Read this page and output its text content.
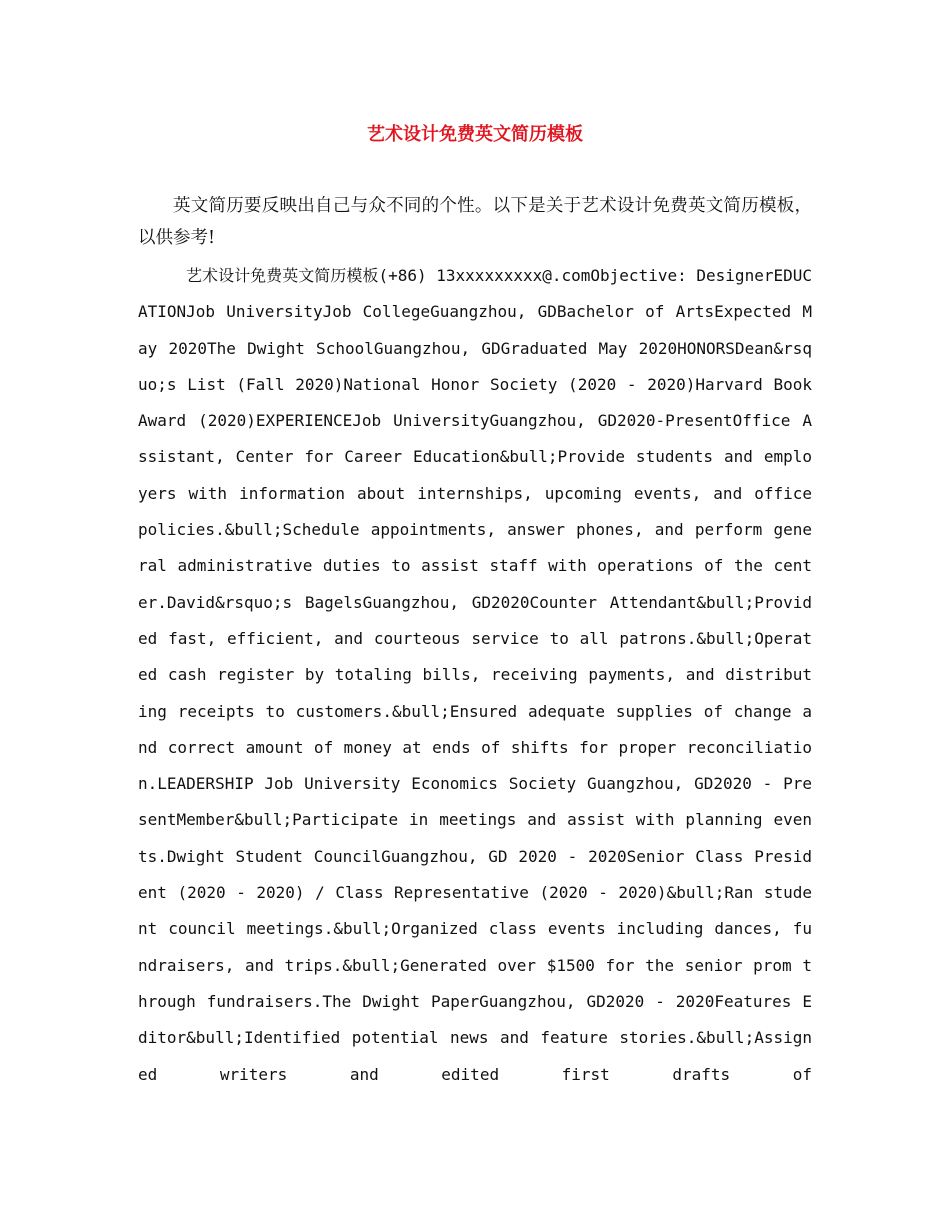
艺术设计免费英文简历模板

英文简历要反映出自己与众不同的个性。以下是关于艺术设计免费英文简历模板，以供参考!

艺术设计免费英文简历模板(+86) 13xxxxxxxxx@.comObjective: DesignerEDUCATIONJob UniversityJob CollegeGuangzhou, GDBachelor of ArtsExpected May 2020The Dwight SchoolGuangzhou, GDGraduated May 2020HONORSDean&rsquo;s List (Fall 2020)National Honor Society (2020 - 2020)Harvard Book Award (2020)EXPERIENCEJob UniversityGuangzhou, GD2020-PresentOffice Assistant, Center for Career Education&bull;Provide students and employers with information about internships, upcoming events, and office policies.&bull;Schedule appointments, answer phones, and perform general administrative duties to assist staff with operations of the center.David&rsquo;s BagelsGuangzhou, GD2020Counter Attendant&bull;Provided fast, efficient, and courteous service to all patrons.&bull;Operated cash register by totaling bills, receiving payments, and distributing receipts to customers.&bull;Ensured adequate supplies of change and correct amount of money at ends of shifts for proper reconciliation.LEADERSHIP Job University Economics Society Guangzhou, GD2020 - PresentMember&bull;Participate in meetings and assist with planning events.Dwight Student CouncilGuangzhou, GD 2020 - 2020Senior Class President (2020 - 2020) / Class Representative (2020 - 2020)&bull;Ran student council meetings.&bull;Organized class events including dances, fundraisers, and trips.&bull;Generated over $1500 for the senior prom through fundraisers.The Dwight PaperGuangzhou, GD2020 - 2020Features Editor&bull;Identified potential news and feature stories.&bull;Assigned writers and edited first drafts of
